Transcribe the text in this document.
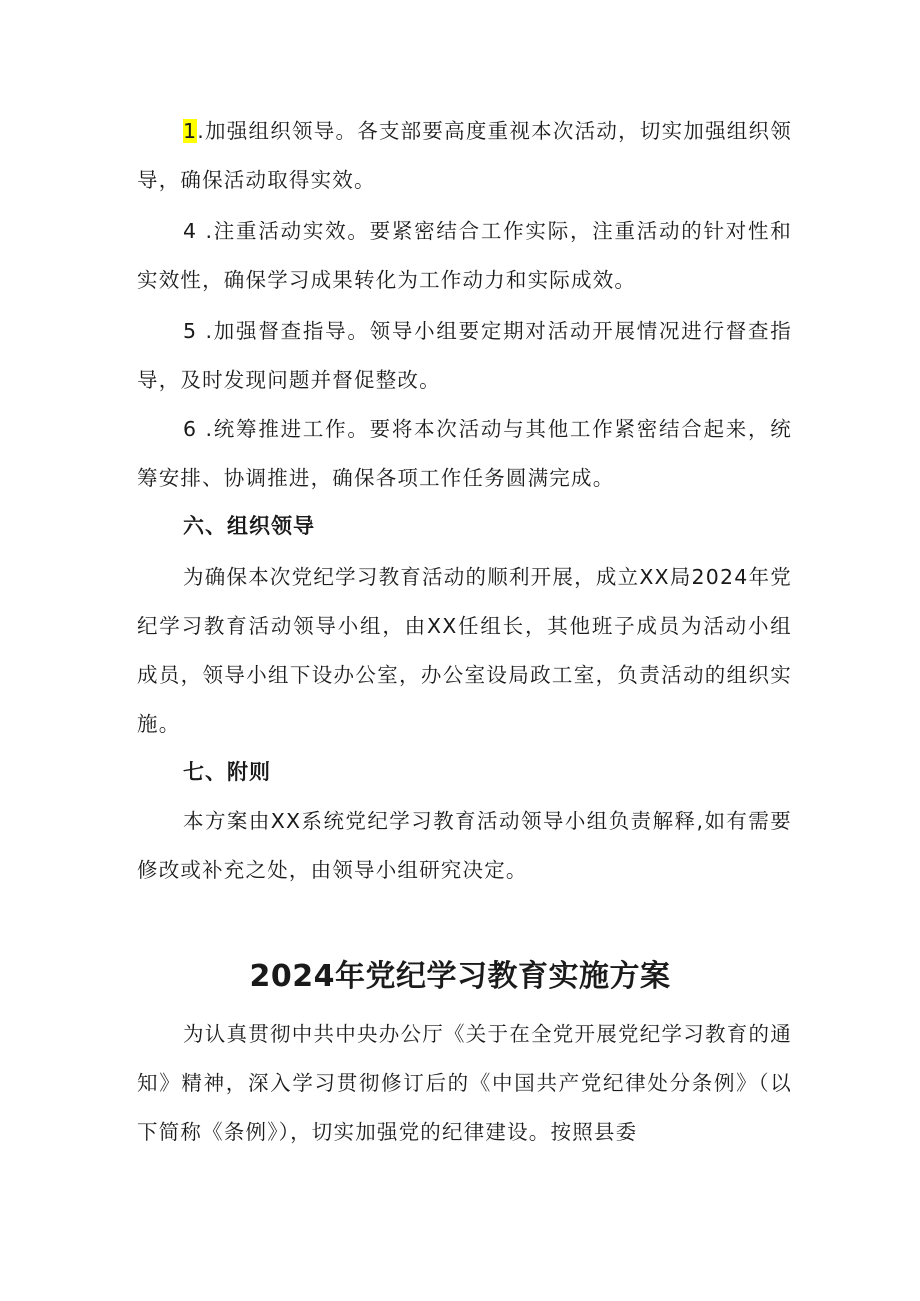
1.加强组织领导。各支部要高度重视本次活动，切实加强组织领导，确保活动取得实效。

4 .注重活动实效。要紧密结合工作实际，注重活动的针对性和实效性，确保学习成果转化为工作动力和实际成效。

5 .加强督查指导。领导小组要定期对活动开展情况进行督查指导，及时发现问题并督促整改。

6 .统筹推进工作。要将本次活动与其他工作紧密结合起来，统筹安排、协调推进，确保各项工作任务圆满完成。

六、组织领导

为确保本次党纪学习教育活动的顺利开展，成立XX局2024年党纪学习教育活动领导小组，由XX任组长，其他班子成员为活动小组成员，领导小组下设办公室，办公室设局政工室，负责活动的组织实施。

七、附则

本方案由XX系统党纪学习教育活动领导小组负责解释,如有需要修改或补充之处，由领导小组研究决定。

2024年党纪学习教育实施方案

为认真贯彻中共中央办公厅《关于在全党开展党纪学习教育的通知》精神，深入学习贯彻修订后的《中国共产党纪律处分条例》（以下简称《条例》），切实加强党的纪律建设。按照县委
